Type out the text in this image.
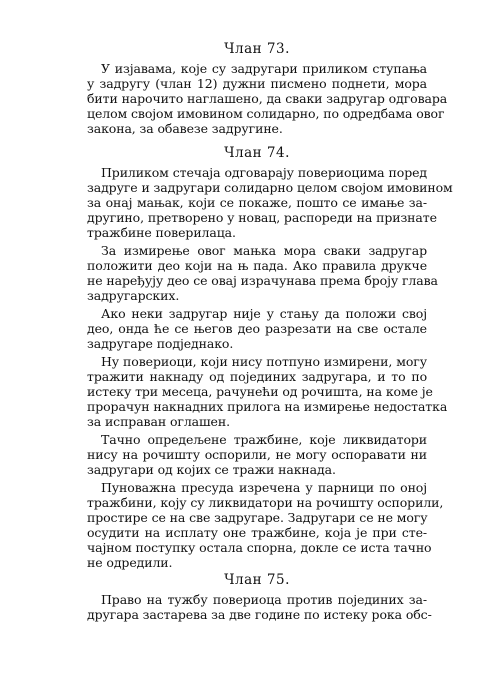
Члан 73.
У изјавама, које су задругари приликом ступања
у задругу (члан 12) дужни писмено поднети, мора
бити нарочито наглашено, да сваки задругар одговара
целом својом имовином солидарно, по одредбама овог
закона, за обавезе задругине.
Члан 74.
Приликом стечаја одговарају повериоцима поред
задруге и задругари солидарно целом својом имовином
за онај мањак, који се покаже, пошто се имање за-
другино, претворено у новац, распореди на признате
тражбине поверилаца.
За измирење овог мањка мора сваки задругар
положити део који на њ пада. Ако правила друкче
не наређују део се овај израчунава према броју глава
задругарских.
Ако неки задругар није у стању да положи свој
део, онда ће се његов део разрезати на све остале
задругаре подједнако.
Ну повериоци, који нису потпуно измирени, могу
тражити накнаду од појединих задругара, и то по
истеку три месеца, рачунећи од рочишта, на коме је
прорачун накнадних прилога на измирење недостатка
за исправан оглашен.
Тачно опредељене тражбине, које ликвидатори
нису на рочишту оспорили, не могу оспоравати ни
задругари од којих се тражи накнада.
Пуноважна пресуда изречена у парници по оној
тражбини, коју су ликвидатори на рочишту оспорили,
простире се на све задругаре. Задругари се не могу
осудити на исплату оне тражбине, која је при сте-
чајном поступку остала спорна, докле се иста тачно
не одредили.
Члан 75.
Право на тужбу повериоца против појединих за-
другара застарева за две године по истеку рока обс-
